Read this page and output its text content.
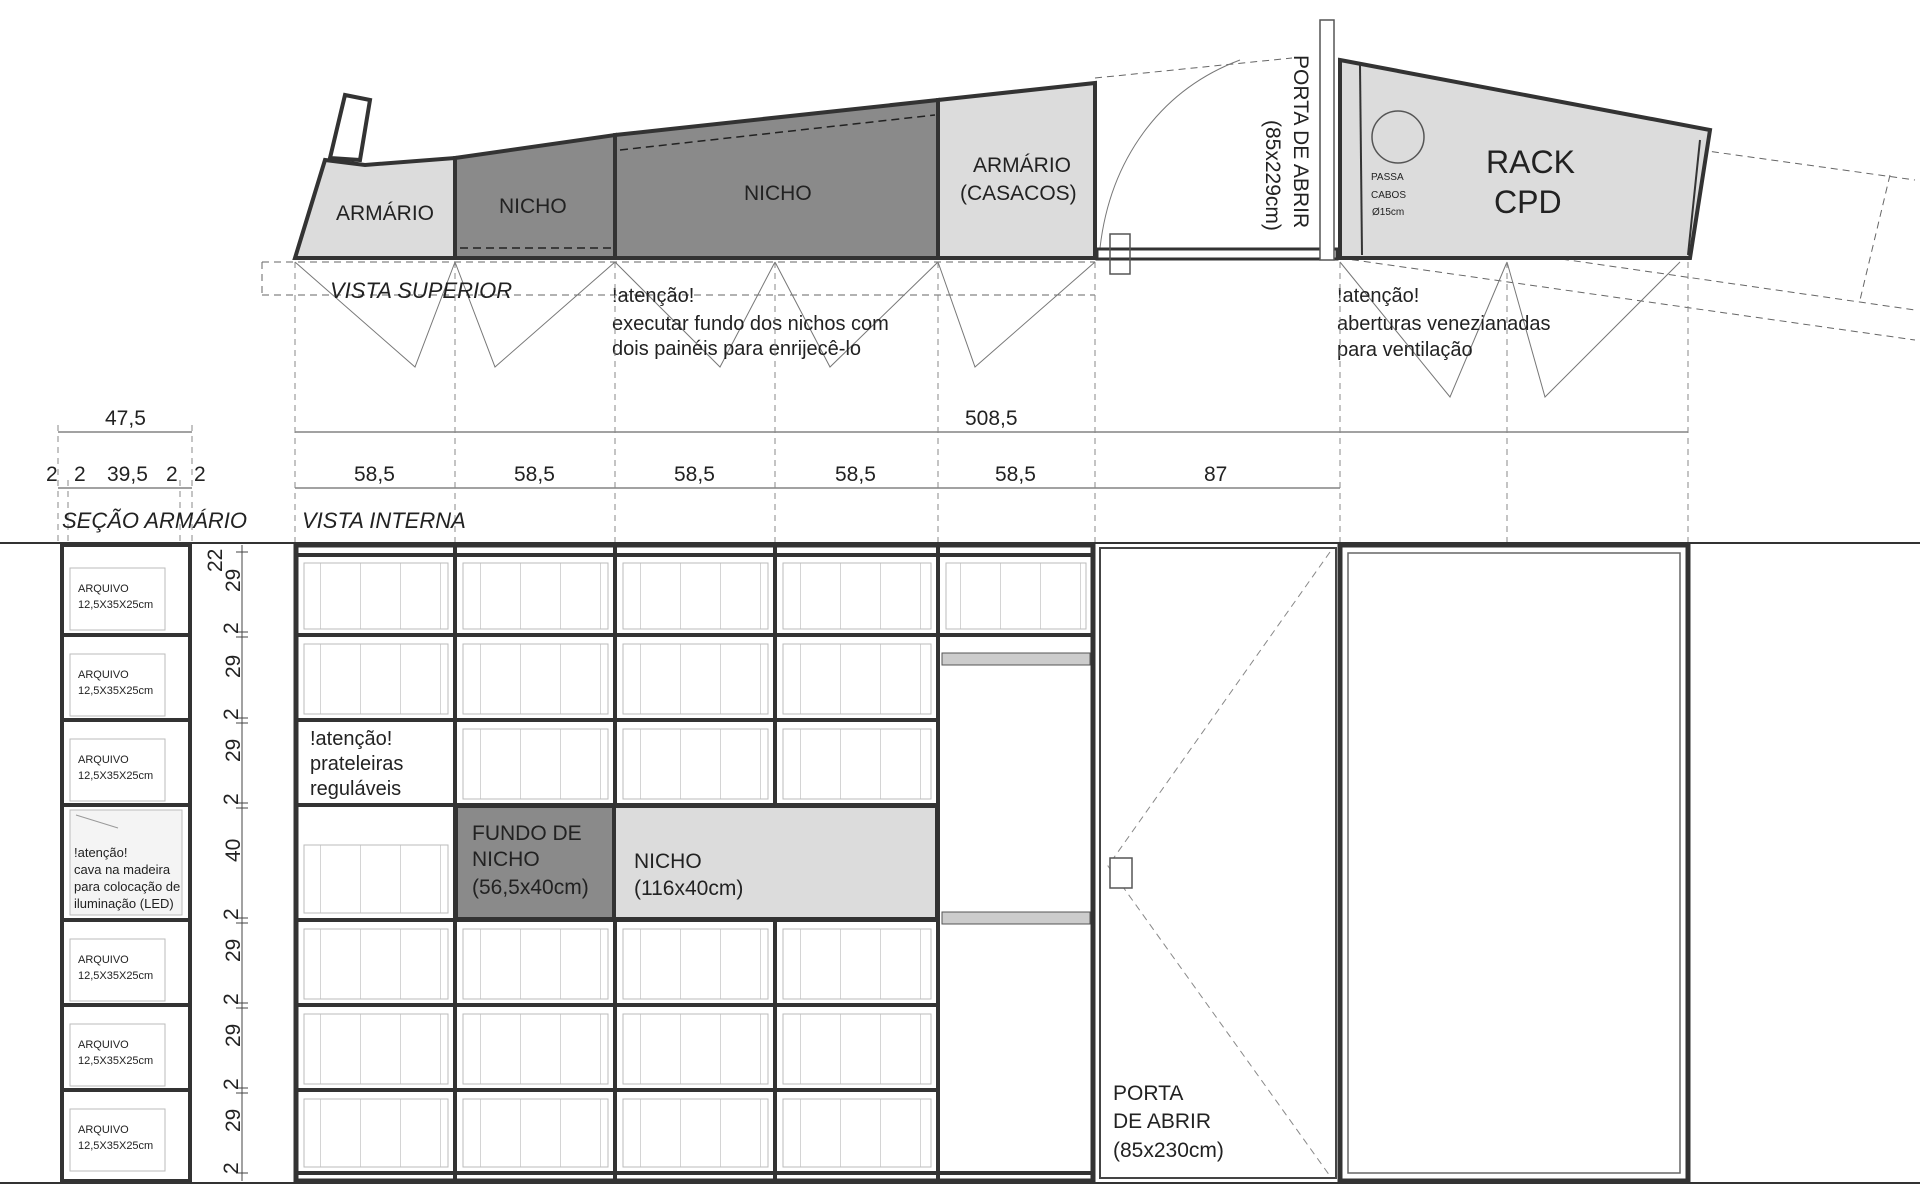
ARMÁRIO	NICHO
NICHO
ARMÁRIO
(CASACOS)	PORTA DE ABRIR
(85x229cm)	RACK
CPD
PASSA
CABOS
Ø15cm
VISTA SUPERIOR	!atenção!
executar fundo dos nichos com
dois painéis para enrijecê-lo
!atenção!
aberturas venezianadas
para ventilação
47,5
2 2 39,5 2 2
508,5
58,5	58,5	58,5	58,5	58,5	87
SEÇÃO ARMÁRIO	VISTA INTERNA
ARQUIVO
12,5X35X25cm
ARQUIVO
12,5X35X25cm
ARQUIVO
12,5X35X25cm
ARQUIVO
12,5X35X25cm
ARQUIVO
12,5X35X25cm
ARQUIVO
12,5X35X25cm
!atenção!
cava na madeira
para colocação de
iluminação (LED)
22
29
2
29
2
29
2
40
2
29
2
29
2
29
2
!atenção!
prateleiras
reguláveis
FUNDO DE
NICHO
(56,5x40cm)
NICHO
(116x40cm)
PORTA
DE ABRIR
(85x230cm)
